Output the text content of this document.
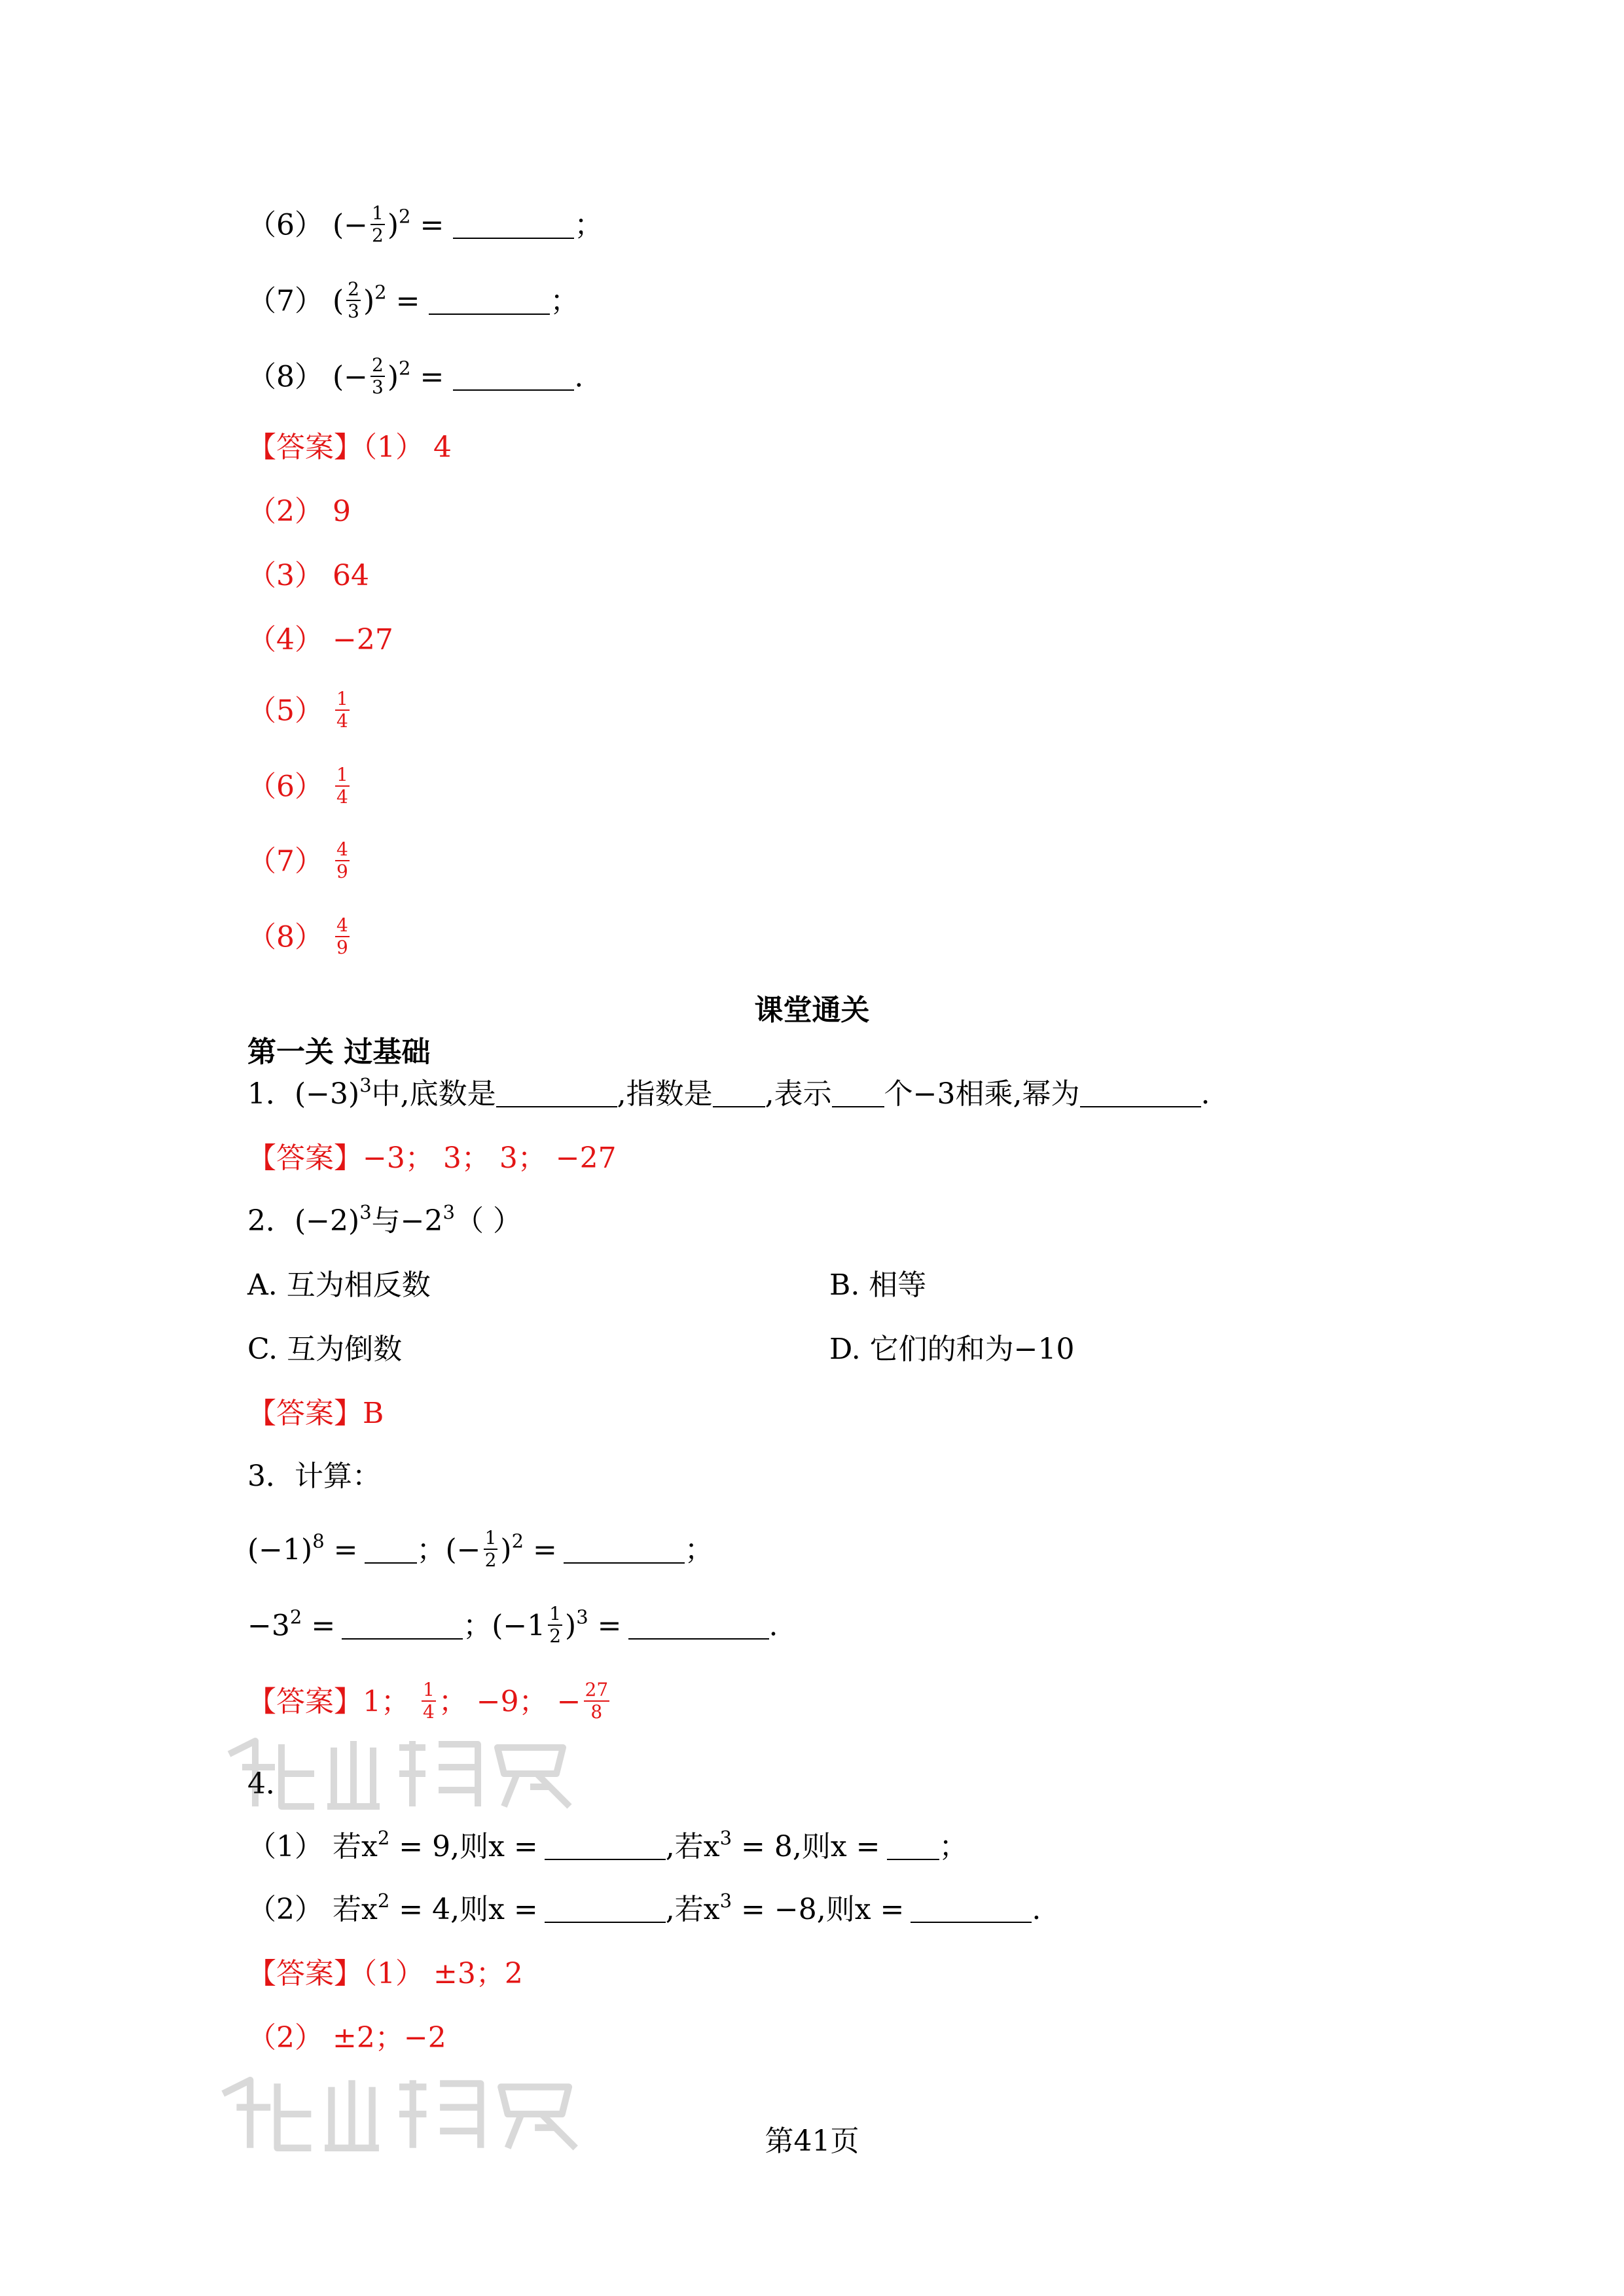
（6） (− $\frac{1}{2} )^2$ =	；
（7） ( $\frac{2}{3} )^2$ =	；
（8） (− $\frac{2}{3} )^2$ =	.
【答案】（1） 4
（2） 9
（3） 64
（4） −27
$(5) \frac{1}{4}$
$(6) \frac{1}{4}$
$(7) \frac{4}{9}$
$(8) \frac{4}{9}$
课堂通关
第一关 过基础
1．$(-3)^3$中,底数是	,指数是 ,表示 个−3相乘,幂为	.
【答案】−3； 3； 3； −27
2．$(-2)^3$与$-2^3$（ ）
A. 互为相反数	B. 相等
C. 互为倒数	D. 它们的和为−10
【答案】B
3．计算：
$(-1)^8$ = ；(− $\frac{1}{2} )^2$ =	；
$-3^2$ =	；$(-1 \frac{1}{2} )^3$ =	.
【答案】1； $\frac{1}{4}$ ； −9； − $\frac{27}{8}$
4．
（1） 若$x^2 = 9$,则x =	,若$x^3 = 8$,则x = ；
（2） 若$x^2 = 4$,则x =	,若$x^3 = -8$,则x =	.
【答案】（1） ±3；2
（2） ±2；−2
第41页
